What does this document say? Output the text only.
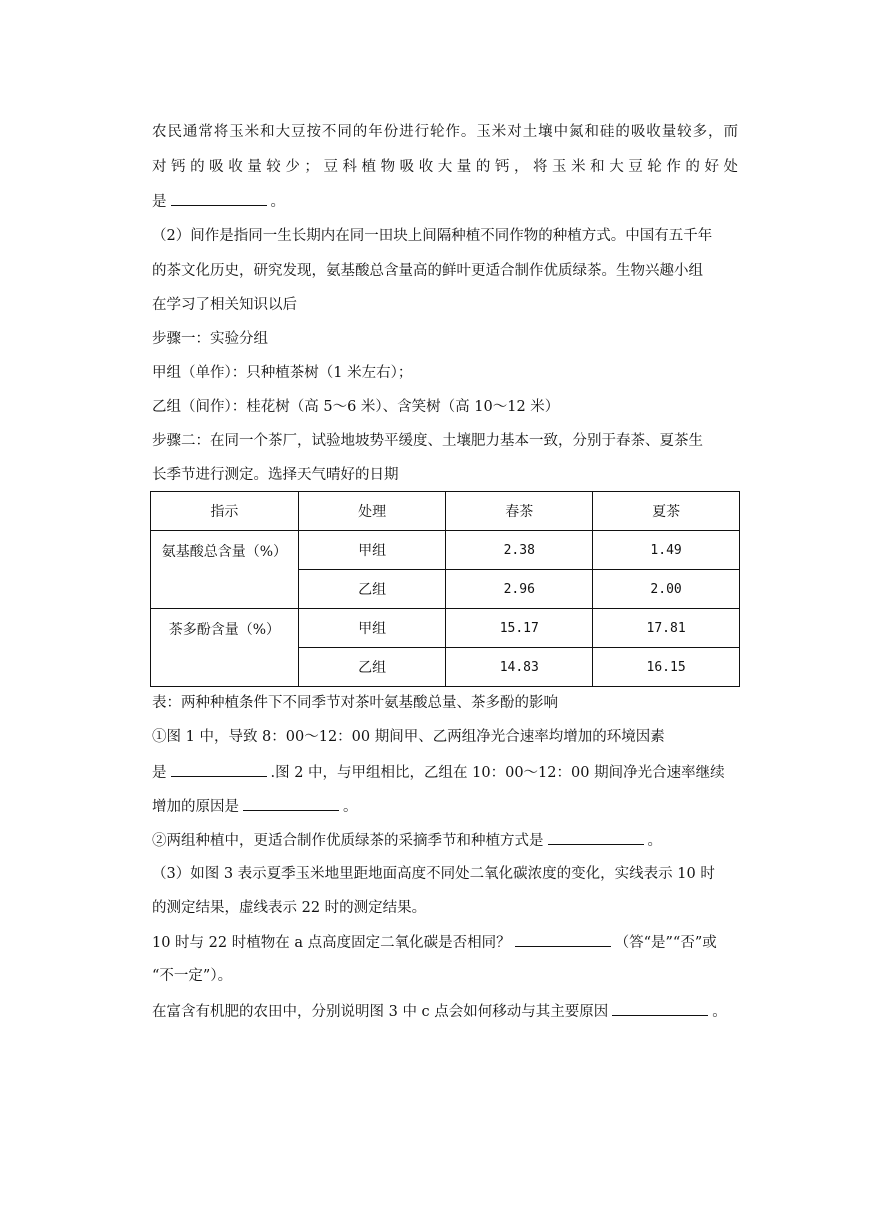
农民通常将玉米和大豆按不同的年份进行轮作。玉米对土壤中氮和硅的吸收量较多，而
对钙的吸收量较少；豆科植物吸收大量的钙，将玉米和大豆轮作的好处
是	。
（2）间作是指同一生长期内在同一田块上间隔种植不同作物的种植方式。中国有五千年
的茶文化历史，研究发现，氨基酸总含量高的鲜叶更适合制作优质绿茶。生物兴趣小组
在学习了相关知识以后
步骤一：实验分组
甲组（单作）：只种植茶树（1 米左右）；
乙组（间作）：桂花树（高 5～6 米）、含笑树（高 10～12 米）
步骤二：在同一个茶厂，试验地坡势平缓度、土壤肥力基本一致，分别于春茶、夏茶生
长季节进行测定。选择天气晴好的日期
指示	处理	春茶	夏茶
氨基酸总含量（%）	甲组	2.38	1.49
	乙组	2.96	2.00
茶多酚含量（%）	甲组	15.17	17.81
	乙组	14.83	16.15
表：两种种植条件下不同季节对茶叶氨基酸总量、茶多酚的影响
①图 1 中，导致 8：00～12：00 期间甲、乙两组净光合速率均增加的环境因素
是	.图 2 中，与甲组相比，乙组在 10：00～12：00 期间净光合速率继续
增加的原因是	。
②两组种植中，更适合制作优质绿茶的采摘季节和种植方式是	。
（3）如图 3 表示夏季玉米地里距地面高度不同处二氧化碳浓度的变化，实线表示 10 时
的测定结果，虚线表示 22 时的测定结果。
10 时与 22 时植物在 a 点高度固定二氧化碳是否相同？	（答“是”“否”或
“不一定”）。
在富含有机肥的农田中，分别说明图 3 中 c 点会如何移动与其主要原因	。
